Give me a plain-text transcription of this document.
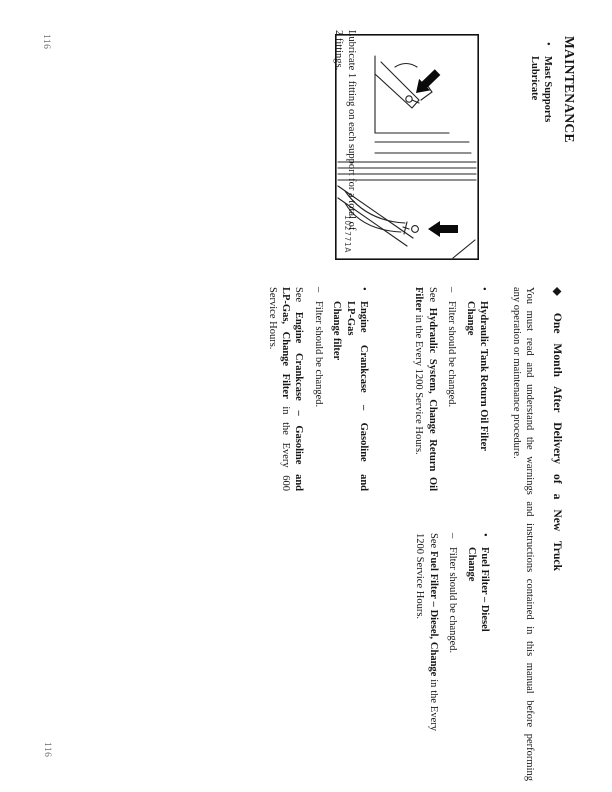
MAINTENANCE
•
Mast Supports
Lubricate
102771A
Lubricate 1 fitting on each support for a total of
2 fittings.
◆ One Month After Delivery of a New Truck
You must read and understand the warnings and instructions contained in this manual before performing
any operation or maintenance procedure.
•
Hydraulic Tank Return Oil Filter
Change
–
Filter should be changed.
See Hydraulic System, Change Return Oil
Filter in the Every 1200 Service Hours.
•
Engine Crankcase – Gasoline and
LP-Gas
Change filter
–
Filter should be changed.
See Engine Crankcase – Gasoline and
LP-Gas, Change Filter in the Every 600
Service Hours.
•
Fuel Filter – Diesel
Change
–
Filter should be changed.
See Fuel Filter – Diesel, Change in the Every
1200 Service Hours.
116
116
